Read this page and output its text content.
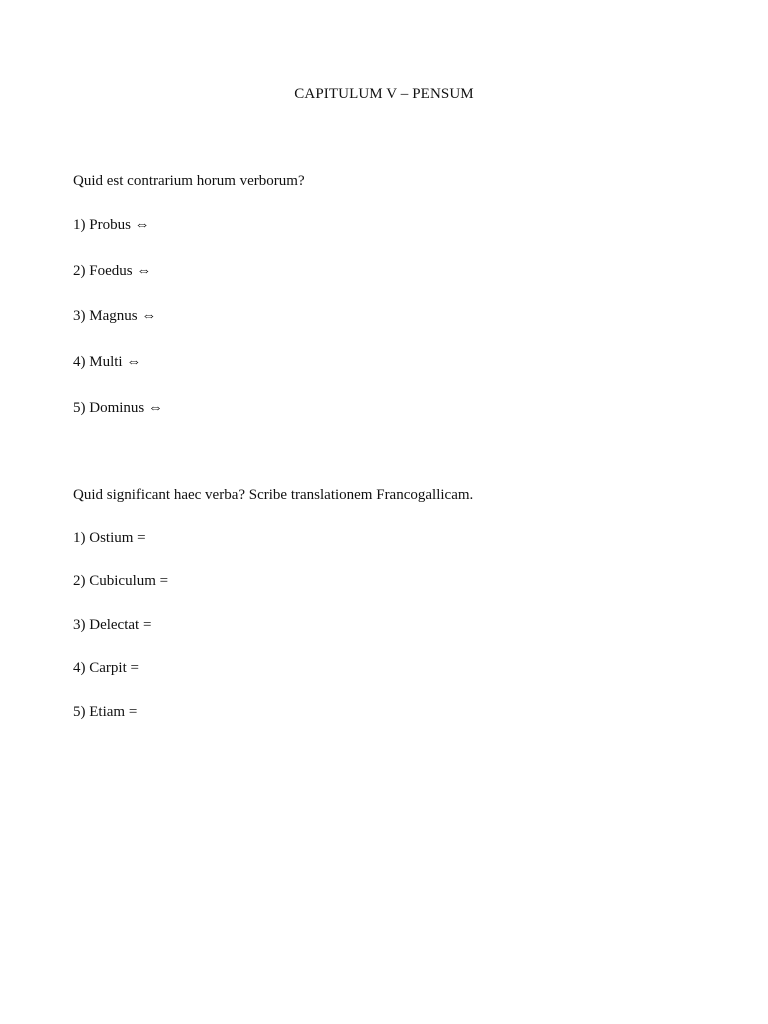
CAPITULUM V – PENSUM
Quid est contrarium horum verborum?
1) Probus ⇔
2) Foedus ⇔
3) Magnus ⇔
4) Multi ⇔
5) Dominus ⇔
Quid significant haec verba? Scribe translationem Francogallicam.
1) Ostium =
2) Cubiculum =
3) Delectat =
4) Carpit =
5) Etiam =
